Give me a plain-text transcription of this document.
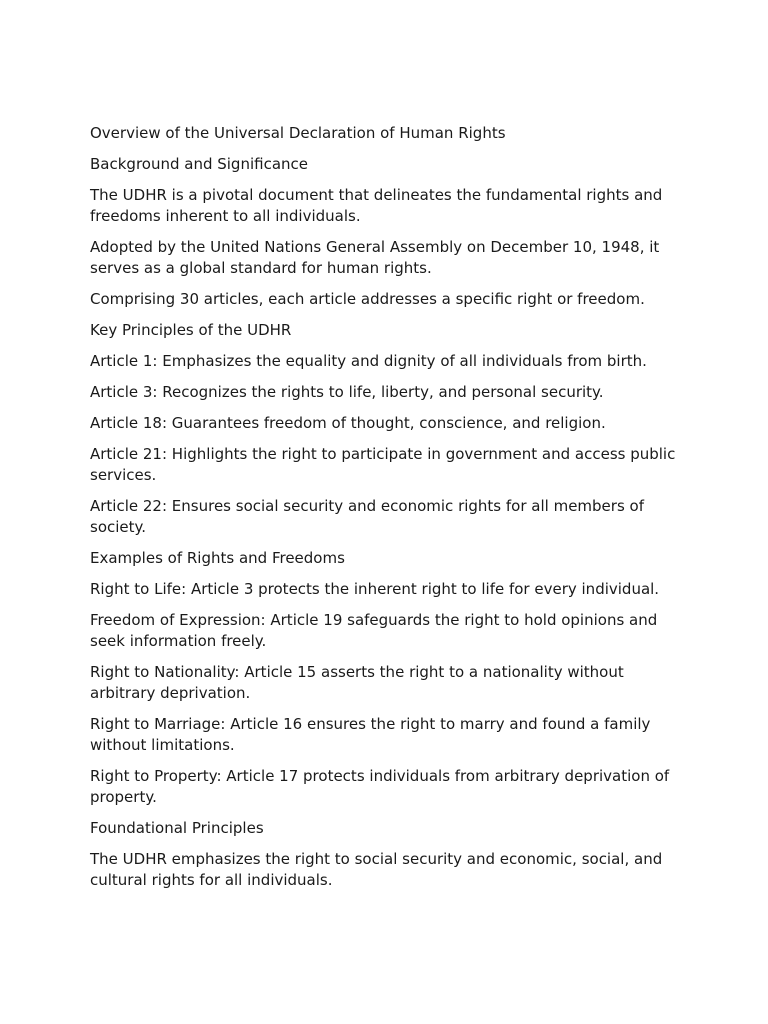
Overview of the Universal Declaration of Human Rights

Background and Significance

The UDHR is a pivotal document that delineates the fundamental rights and freedoms inherent to all individuals.

Adopted by the United Nations General Assembly on December 10, 1948, it serves as a global standard for human rights.

Comprising 30 articles, each article addresses a specific right or freedom.

Key Principles of the UDHR

Article 1: Emphasizes the equality and dignity of all individuals from birth.

Article 3: Recognizes the rights to life, liberty, and personal security.

Article 18: Guarantees freedom of thought, conscience, and religion.

Article 21: Highlights the right to participate in government and access public services.

Article 22: Ensures social security and economic rights for all members of society.

Examples of Rights and Freedoms

Right to Life: Article 3 protects the inherent right to life for every individual.

Freedom of Expression: Article 19 safeguards the right to hold opinions and seek information freely.

Right to Nationality: Article 15 asserts the right to a nationality without arbitrary deprivation.

Right to Marriage: Article 16 ensures the right to marry and found a family without limitations.

Right to Property: Article 17 protects individuals from arbitrary deprivation of property.

Foundational Principles

The UDHR emphasizes the right to social security and economic, social, and cultural rights for all individuals.
